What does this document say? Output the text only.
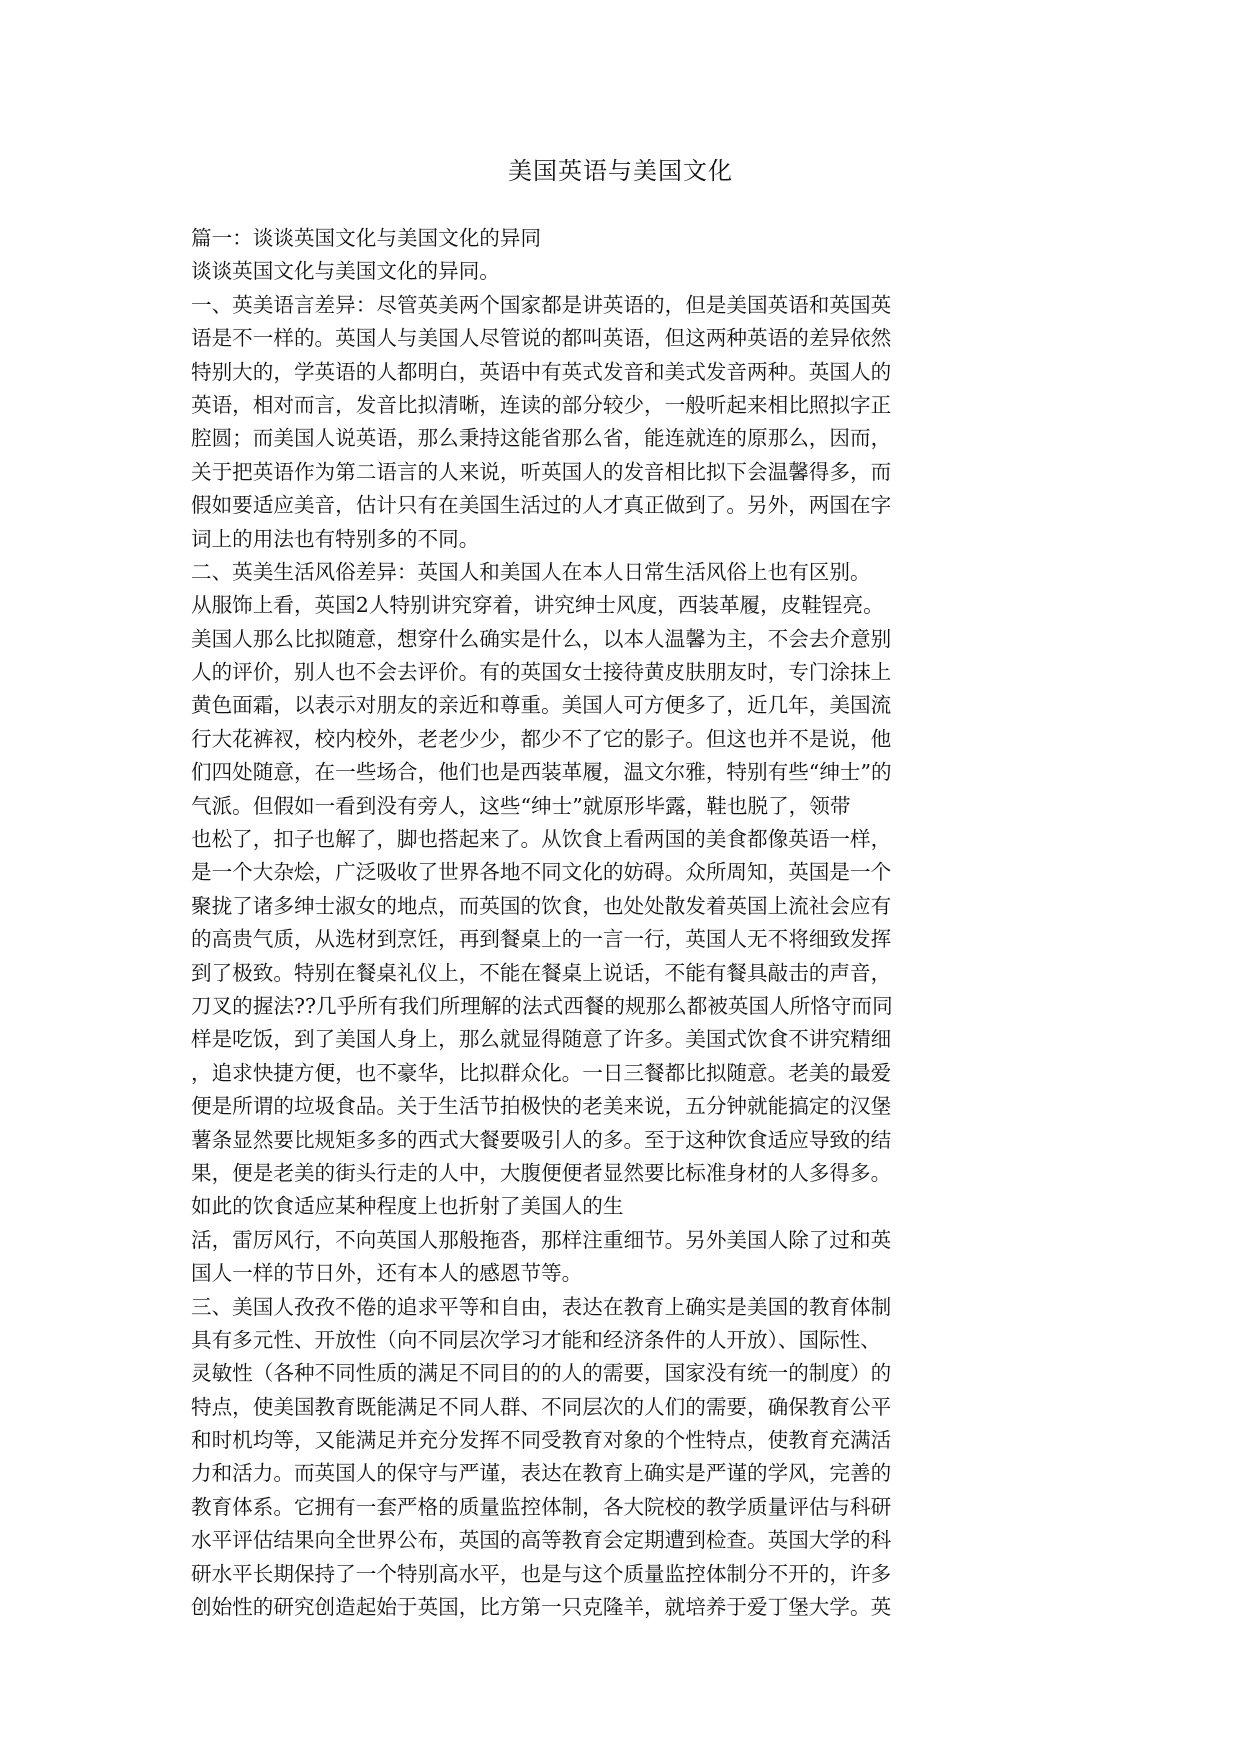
美国英语与美国文化
篇一：谈谈英国文化与美国文化的异同
谈谈英国文化与美国文化的异同。
一、英美语言差异：尽管英美两个国家都是讲英语的，但是美国英语和英国英
语是不一样的。英国人与美国人尽管说的都叫英语，但这两种英语的差异依然
特别大的，学英语的人都明白，英语中有英式发音和美式发音两种。英国人的
英语，相对而言，发音比拟清晰，连读的部分较少，一般听起来相比照拟字正
腔圆；而美国人说英语，那么秉持这能省那么省，能连就连的原那么，因而，
关于把英语作为第二语言的人来说，听英国人的发音相比拟下会温馨得多，而
假如要适应美音，估计只有在美国生活过的人才真正做到了。另外，两国在字
词上的用法也有特别多的不同。
二、英美生活风俗差异：英国人和美国人在本人日常生活风俗上也有区别。
从服饰上看，英国2人特别讲究穿着，讲究绅士风度，西装革履，皮鞋锃亮。
美国人那么比拟随意，想穿什么确实是什么，以本人温馨为主，不会去介意别
人的评价，别人也不会去评价。有的英国女士接待黄皮肤朋友时，专门涂抹上
黄色面霜，以表示对朋友的亲近和尊重。美国人可方便多了，近几年，美国流
行大花裤衩，校内校外，老老少少，都少不了它的影子。但这也并不是说，他
们四处随意，在一些场合，他们也是西装革履，温文尔雅，特别有些“绅士”的
气派。但假如一看到没有旁人，这些“绅士”就原形毕露，鞋也脱了，领带
也松了，扣子也解了，脚也搭起来了。从饮食上看两国的美食都像英语一样，
是一个大杂烩，广泛吸收了世界各地不同文化的妨碍。众所周知，英国是一个
聚拢了诸多绅士淑女的地点，而英国的饮食，也处处散发着英国上流社会应有
的高贵气质，从选材到烹饪，再到餐桌上的一言一行，英国人无不将细致发挥
到了极致。特别在餐桌礼仪上，不能在餐桌上说话，不能有餐具敲击的声音，
刀叉的握法??几乎所有我们所理解的法式西餐的规那么都被英国人所恪守而同
样是吃饭，到了美国人身上，那么就显得随意了许多。美国式饮食不讲究精细
，追求快捷方便，也不豪华，比拟群众化。一日三餐都比拟随意。老美的最爱
便是所谓的垃圾食品。关于生活节拍极快的老美来说，五分钟就能搞定的汉堡
薯条显然要比规矩多多的西式大餐要吸引人的多。至于这种饮食适应导致的结
果，便是老美的街头行走的人中，大腹便便者显然要比标准身材的人多得多。
如此的饮食适应某种程度上也折射了美国人的生
活，雷厉风行，不向英国人那般拖沓，那样注重细节。另外美国人除了过和英
国人一样的节日外，还有本人的感恩节等。
三、美国人孜孜不倦的追求平等和自由，表达在教育上确实是美国的教育体制
具有多元性、开放性（向不同层次学习才能和经济条件的人开放）、国际性、
灵敏性（各种不同性质的满足不同目的的人的需要，国家没有统一的制度）的
特点，使美国教育既能满足不同人群、不同层次的人们的需要，确保教育公平
和时机均等，又能满足并充分发挥不同受教育对象的个性特点，使教育充满活
力和活力。而英国人的保守与严谨，表达在教育上确实是严谨的学风，完善的
教育体系。它拥有一套严格的质量监控体制，各大院校的教学质量评估与科研
水平评估结果向全世界公布，英国的高等教育会定期遭到检查。英国大学的科
研水平长期保持了一个特别高水平，也是与这个质量监控体制分不开的，许多
创始性的研究创造起始于英国，比方第一只克隆羊，就培养于爱丁堡大学。英
